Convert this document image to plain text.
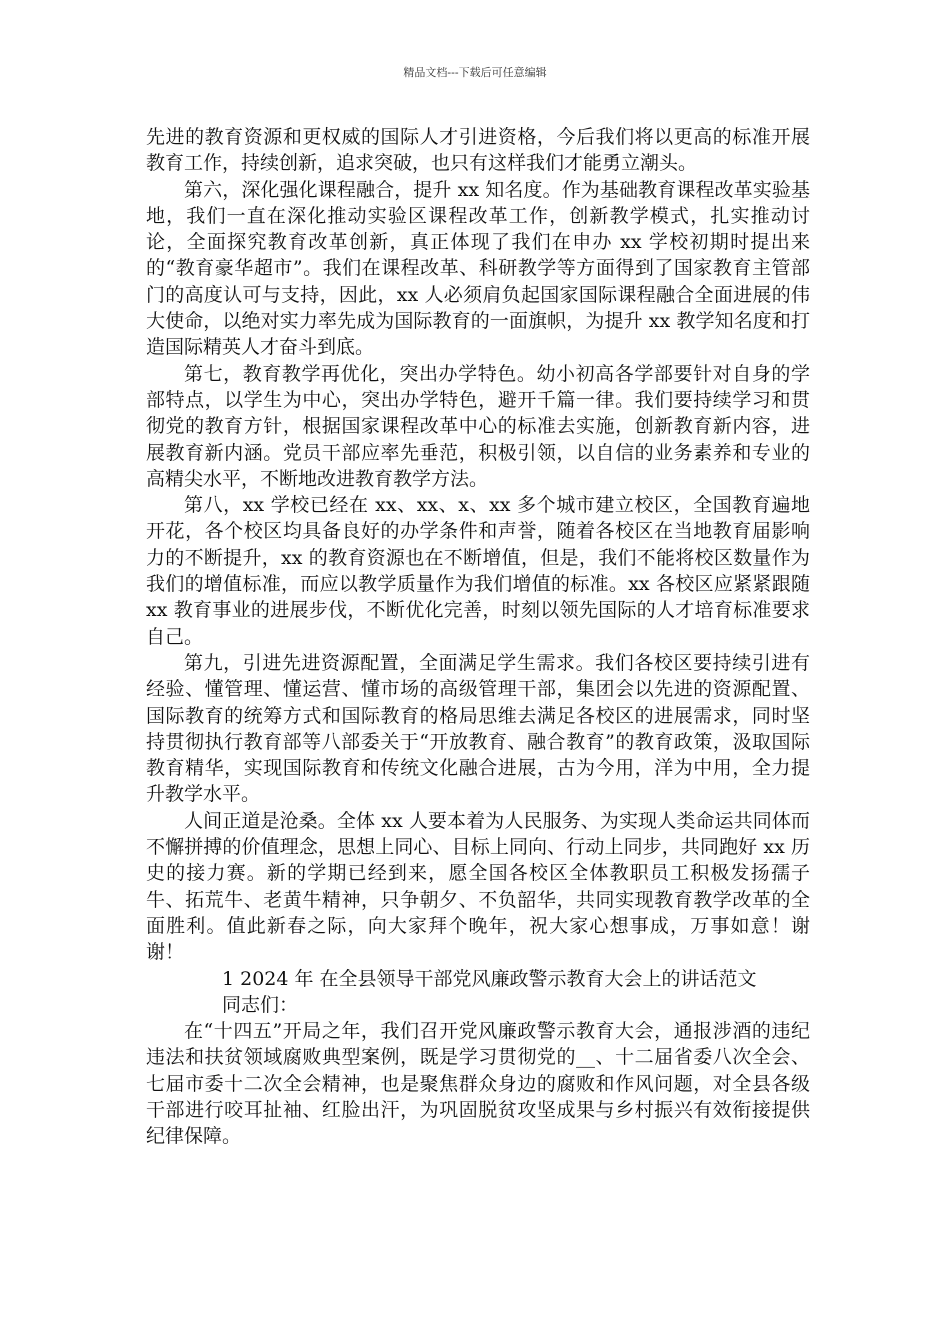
精品文档---下载后可任意编辑

先进的教育资源和更权威的国际人才引进资格，今后我们将以更高的标准开展教育工作，持续创新，追求突破，也只有这样我们才能勇立潮头。

第六，深化强化课程融合，提升 xx 知名度。作为基础教育课程改革实验基地，我们一直在深化推动实验区课程改革工作，创新教学模式，扎实推动讨论，全面探究教育改革创新，真正体现了我们在申办 xx 学校初期时提出来的“教育豪华超市”。我们在课程改革、科研教学等方面得到了国家教育主管部门的高度认可与支持，因此，xx 人必须肩负起国家国际课程融合全面进展的伟大使命，以绝对实力率先成为国际教育的一面旗帜，为提升 xx 教学知名度和打造国际精英人才奋斗到底。

第七，教育教学再优化，突出办学特色。幼小初高各学部要针对自身的学部特点，以学生为中心，突出办学特色，避开千篇一律。我们要持续学习和贯彻党的教育方针，根据国家课程改革中心的标准去实施，创新教育新内容，进展教育新内涵。党员干部应率先垂范，积极引领，以自信的业务素养和专业的高精尖水平，不断地改进教育教学方法。

第八，xx 学校已经在 xx、xx、x、xx 多个城市建立校区，全国教育遍地开花，各个校区均具备良好的办学条件和声誉，随着各校区在当地教育届影响力的不断提升，xx 的教育资源也在不断增值，但是，我们不能将校区数量作为我们的增值标准，而应以教学质量作为我们增值的标准。xx 各校区应紧紧跟随 xx 教育事业的进展步伐，不断优化完善，时刻以领先国际的人才培育标准要求自己。

第九，引进先进资源配置，全面满足学生需求。我们各校区要持续引进有经验、懂管理、懂运营、懂市场的高级管理干部，集团会以先进的资源配置、国际教育的统筹方式和国际教育的格局思维去满足各校区的进展需求，同时坚持贯彻执行教育部等八部委关于“开放教育、融合教育”的教育政策，汲取国际教育精华，实现国际教育和传统文化融合进展，古为今用，洋为中用，全力提升教学水平。

人间正道是沧桑。全体 xx 人要本着为人民服务、为实现人类命运共同体而不懈拼搏的价值理念，思想上同心、目标上同向、行动上同步，共同跑好 xx 历史的接力赛。新的学期已经到来，愿全国各校区全体教职员工积极发扬孺子牛、拓荒牛、老黄牛精神，只争朝夕、不负韶华，共同实现教育教学改革的全面胜利。值此新春之际，向大家拜个晚年，祝大家心想事成，万事如意！谢谢！

1 2024 年 在全县领导干部党风廉政警示教育大会上的讲话范文

同志们：

在“十四五”开局之年，我们召开党风廉政警示教育大会，通报涉酒的违纪违法和扶贫领域腐败典型案例，既是学习贯彻党的__、十二届省委八次全会、七届市委十二次全会精神，也是聚焦群众身边的腐败和作风问题，对全县各级干部进行咬耳扯袖、红脸出汗，为巩固脱贫攻坚成果与乡村振兴有效衔接提供纪律保障。
